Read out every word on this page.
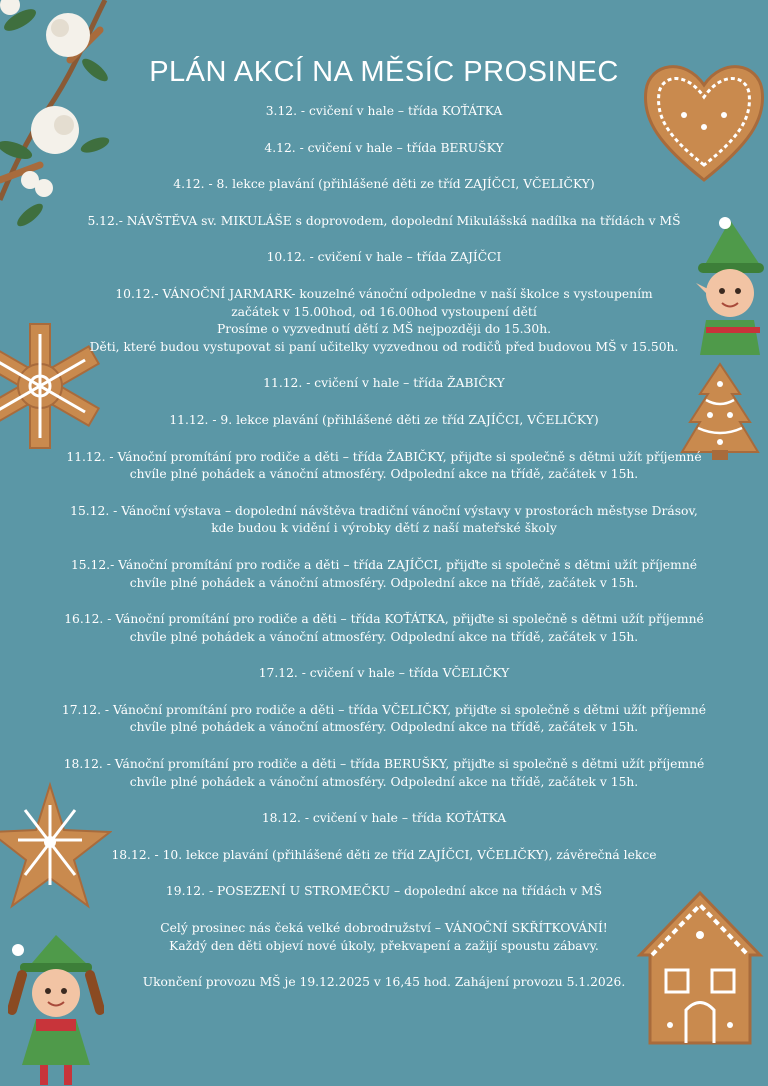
PLÁN AKCÍ NA MĚSÍC PROSINEC
3.12. - cvičení v hale – třída KOŤÁTKA
4.12. - cvičení v hale – třída BERUŠKY
4.12. - 8. lekce plavání (přihlášené děti ze tříd ZAJÍČCI, VČELIČKY)
5.12.- NÁVŠTĚVA sv. MIKULÁŠE s doprovodem, dopolední Mikulášská nadílka na třídách v MŠ
10.12. - cvičení v hale – třída ZAJÍČCI
10.12.- VÁNOČNÍ JARMARK- kouzelné vánoční odpoledne v naší školce s vystoupením
začátek v 15.00hod, od 16.00hod vystoupení dětí
Prosíme o vyzvednutí dětí z MŠ nejpozději do 15.30h.
Děti, které budou vystupovat si paní učitelky vyzvednou od rodičů před budovou MŠ v 15.50h.
11.12. - cvičení v hale – třída ŽABIČKY
11.12. - 9. lekce plavání (přihlášené děti ze tříd ZAJÍČCI, VČELIČKY)
11.12. - Vánoční promítání pro rodiče a děti – třída ŽABIČKY, přijďte si společně s dětmi užít příjemné
chvíle plné pohádek a vánoční atmosféry. Odpolední akce na třídě, začátek v 15h.
15.12. - Vánoční výstava – dopolední návštěva tradiční vánoční výstavy v prostorách městyse Drásov,
kde budou k vidění i výrobky dětí z naší mateřské školy
15.12.- Vánoční promítání pro rodiče a děti – třída ZAJÍČCI, přijďte si společně s dětmi užít příjemné
chvíle plné pohádek a vánoční atmosféry. Odpolední akce na třídě, začátek v 15h.
16.12. - Vánoční promítání pro rodiče a děti – třída KOŤÁTKA, přijďte si společně s dětmi užít příjemné
chvíle plné pohádek a vánoční atmosféry. Odpolední akce na třídě, začátek v 15h.
17.12. - cvičení v hale – třída VČELIČKY
17.12. - Vánoční promítání pro rodiče a děti – třída VČELIČKY, přijďte si společně s dětmi užít příjemné
chvíle plné pohádek a vánoční atmosféry. Odpolední akce na třídě, začátek v 15h.
18.12. - Vánoční promítání pro rodiče a děti – třída BERUŠKY, přijďte si společně s dětmi užít příjemné
chvíle plné pohádek a vánoční atmosféry. Odpolední akce na třídě, začátek v 15h.
18.12. - cvičení v hale – třída KOŤÁTKA
18.12. - 10. lekce plavání (přihlášené děti ze tříd ZAJÍČCI, VČELIČKY), závěrečná lekce
19.12. - POSEZENÍ U STROMEČKU – dopolední akce na třídách v MŠ
Celý prosinec nás čeká velké dobrodružství – VÁNOČNÍ SKŘÍTKOVÁNÍ!
Každý den děti objeví nové úkoly, překvapení a zažijí spoustu zábavy.
Ukončení provozu MŠ je 19.12.2025 v 16,45 hod. Zahájení provozu 5.1.2026.
